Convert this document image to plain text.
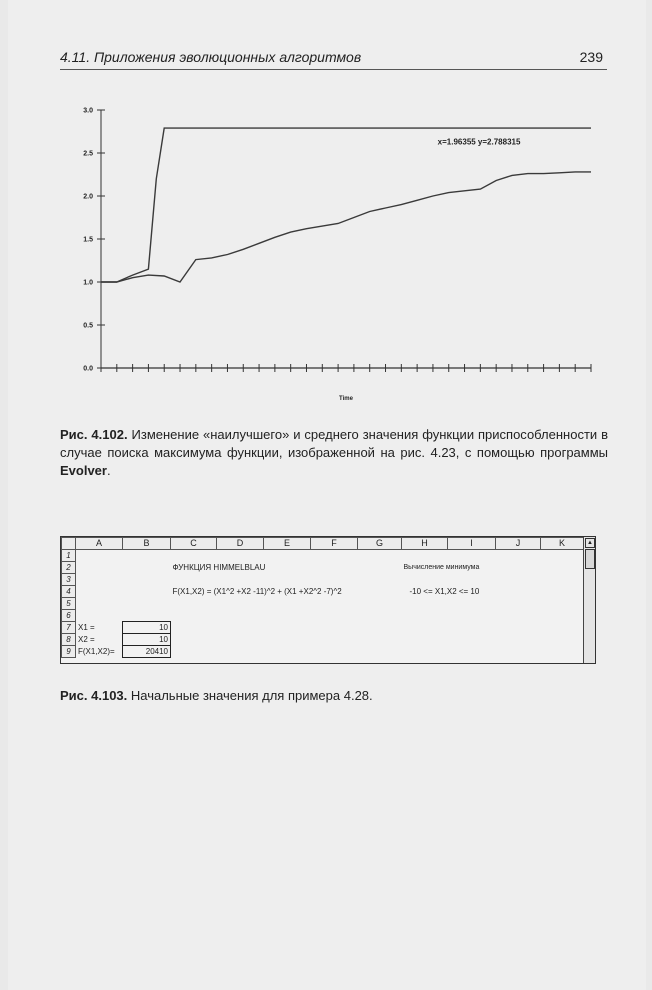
4.11. Приложения эволюционных алгоритмов	239
0.0
0.5
1.0
1.5
2.0
2.5
3.0
x=1.96355 y=2.788315
Time
Рис. 4.102. Изменение «наилучшего» и среднего значения функции приспособленности в случае поиска максимума функции, изображенной на рис. 4.23, с помощью программы Evolver.
	A	B	C	D	E	F	G	H	I	J	K
1											
2			ФУНКЦИЯ HIMMELBLAU					Вычисление минимума			
3											
4			F(X1,X2) = (X1^2 +X2 -11)^2 + (X1 +X2^2 -7)^2					-10 <= X1,X2 <= 10			
5											
6											
7	X1 =	10									
8	X2 =	10									
9	F(X1,X2)=	20410									
▲
Рис. 4.103. Начальные значения для примера 4.28.
